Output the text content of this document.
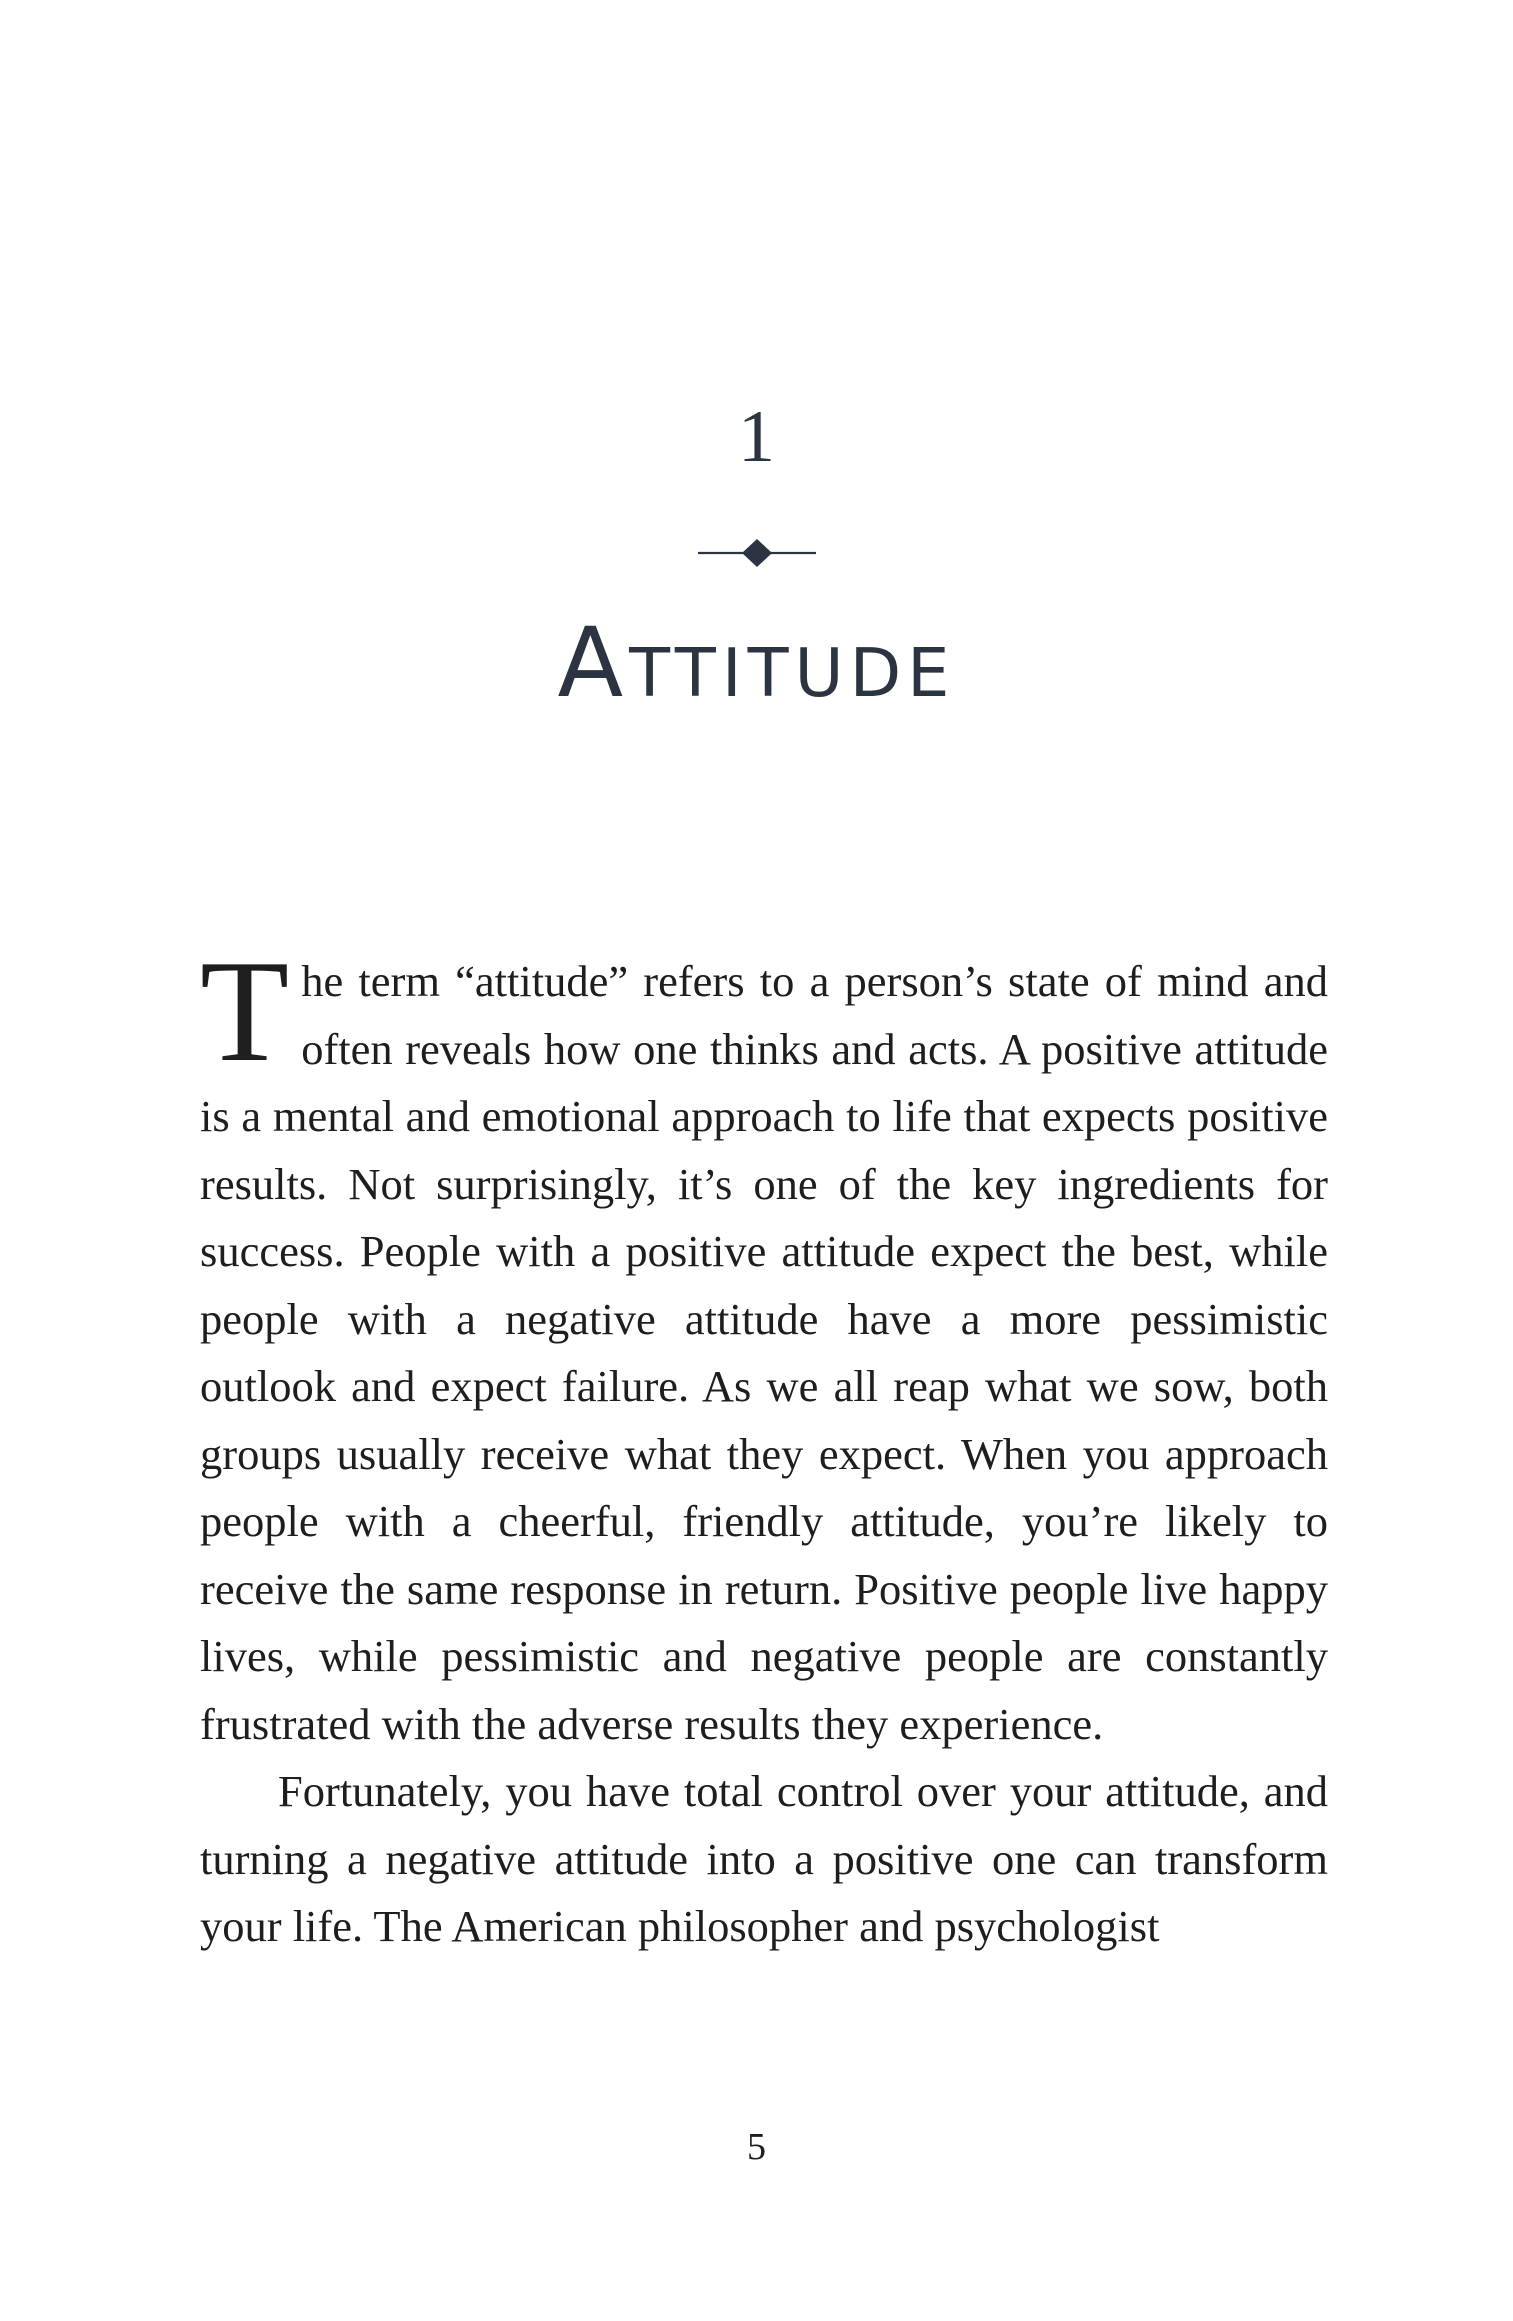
1
Attitude

The term “attitude” refers to a person’s state of mind and often reveals how one thinks and acts. A positive attitude is a mental and emotional approach to life that expects positive results. Not surprisingly, it’s one of the key ingredients for success. People with a positive attitude expect the best, while people with a negative attitude have a more pessimistic outlook and expect failure. As we all reap what we sow, both groups usually receive what they expect. When you approach people with a cheerful, friendly attitude, you’re likely to receive the same response in return. Positive people live happy lives, while pessimistic and negative people are constantly frustrated with the adverse results they experience.

Fortunately, you have total control over your attitude, and turning a negative attitude into a positive one can transform your life. The American philosopher and psychologist

5
